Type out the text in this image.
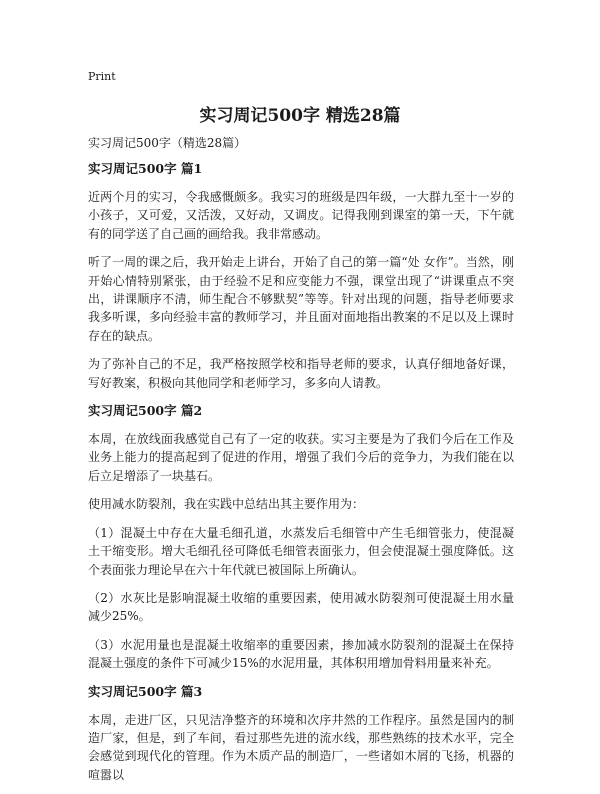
Print
实习周记500字 精选28篇

实习周记500字（精选28篇）

实习周记500字 篇1

近两个月的实习，令我感慨颇多。我实习的班级是四年级，一大群九至十一岁的小孩子，又可爱，又活泼，又好动，又调皮。记得我刚到课室的第一天，下午就有的同学送了自己画的画给我。我非常感动。

听了一周的课之后，我开始走上讲台，开始了自己的第一篇“处 女作”。当然，刚开始心情特别紧张，由于经验不足和应变能力不强，课堂出现了“讲课重点不突出，讲课顺序不清，师生配合不够默契”等等。针对出现的问题，指导老师要求我多听课，多向经验丰富的教师学习，并且面对面地指出教案的不足以及上课时存在的缺点。

为了弥补自己的不足，我严格按照学校和指导老师的要求，认真仔细地备好课，写好教案，积极向其他同学和老师学习，多多向人请教。

实习周记500字 篇2

本周，在放线面我感觉自己有了一定的收获。实习主要是为了我们今后在工作及业务上能力的提高起到了促进的作用，增强了我们今后的竞争力，为我们能在以后立足增添了一块基石。

使用减水防裂剂，我在实践中总结出其主要作用为：

（1）混凝土中存在大量毛细孔道，水蒸发后毛细管中产生毛细管张力，使混凝土干缩变形。增大毛细孔径可降低毛细管表面张力，但会使混凝土强度降低。这个表面张力理论早在六十年代就已被国际上所确认。

（2）水灰比是影响混凝土收缩的重要因素，使用减水防裂剂可使混凝土用水量减少25%。

（3）水泥用量也是混凝土收缩率的重要因素，掺加减水防裂剂的混凝土在保持混凝土强度的条件下可减少15%的水泥用量，其体积用增加骨料用量来补充。

实习周记500字 篇3

本周，走进厂区，只见洁净整齐的环境和次序井然的工作程序。虽然是国内的制造厂家，但是，到了车间，看过那些先进的流水线，那些熟练的技术水平，完全会感觉到现代化的管理。作为木质产品的制造厂，一些诸如木屑的飞扬，机器的喧嚣以
